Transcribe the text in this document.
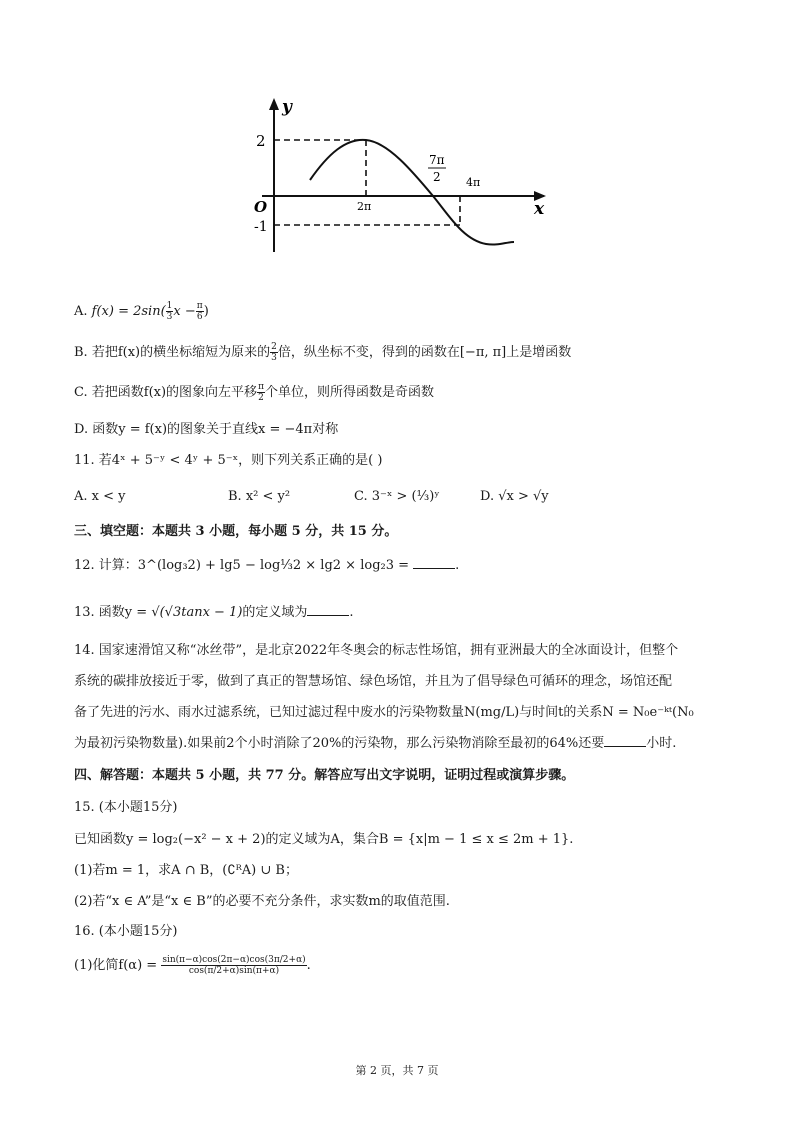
y
x
O
2
-1
2π
7π
2 4π
A. $f(x) = 2\sin( \frac{1}{3}$ $x - \frac{\pi}{6}$ )
B. 若把f(x)的横坐标缩短为原来的 $\frac{2}{3}$ 倍，纵坐标不变，得到的函数在[−π, π]上是增函数
C. 若把函数f(x)的图象向左平移 $\frac{\pi}{2}$ 个单位，则所得函数是奇函数
D. 函数y = f(x)的图象关于直线x = −4π对称
11. 若4ˣ + 5⁻ʸ < 4ʸ + 5⁻ˣ，则下列关系正确的是( )
A. x < y	B. x² < y²	C. 3⁻ˣ > (⅓)ʸ	D. √x > √y
三、填空题：本题共 3 小题，每小题 5 分，共 15 分。
12. 计算：3^(log₃2) + lg5 − log⅓2 × lg2 × log₂3 =	.
13. 函数y = √(√3tanx − 1)的定义域为	.
14. 国家速滑馆又称“冰丝带”，是北京2022年冬奥会的标志性场馆，拥有亚洲最大的全冰面设计，但整个
系统的碳排放接近于零，做到了真正的智慧场馆、绿色场馆，并且为了倡导绿色可循环的理念，场馆还配
备了先进的污水、雨水过滤系统，已知过滤过程中废水的污染物数量N(mg/L)与时间t的关系N = N₀e⁻ᵏᵗ(N₀
为最初污染物数量).如果前2个小时消除了20%的污染物，那么污染物消除至最初的64%还要	小时.
四、解答题：本题共 5 小题，共 77 分。解答应写出文字说明，证明过程或演算步骤。
15. (本小题15分)
已知函数y = log₂(−x² − x + 2)的定义域为A，集合B = {x|m − 1 ≤ x ≤ 2m + 1}.
(1)若m = 1，求A ∩ B，(∁ᴿA) ∪ B；
(2)若“x ∈ A”是“x ∈ B”的必要不充分条件，求实数m的取值范围.
16. (本小题15分)
(1)化简$f(\alpha) = \frac{\sin(\pi-\alpha)\cos(2\pi-\alpha)\cos(3\pi/2+\alpha)}{\cos(\pi/2+\alpha)\sin(\pi+\alpha)}$ .
第 2 页，共 7 页
